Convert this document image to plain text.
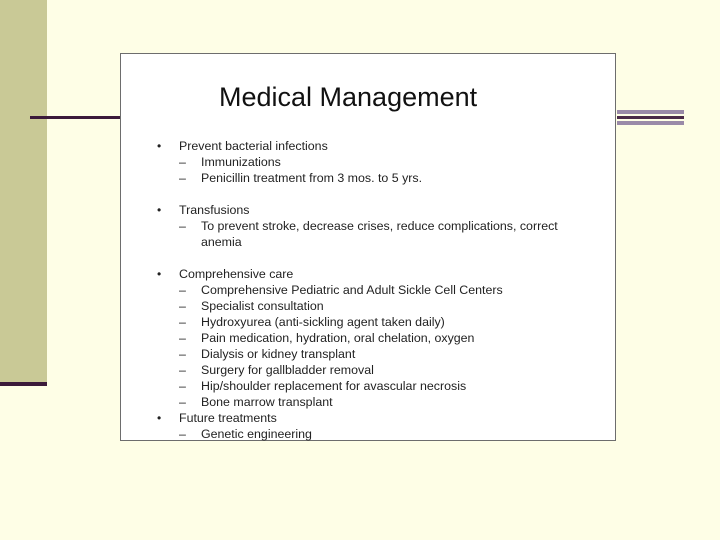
Medical Management
•	Prevent bacterial infections
– Immunizations
– Penicillin treatment from 3 mos. to 5 yrs.
•	Transfusions
– To prevent stroke, decrease crises, reduce complications, correct anemia
•	Comprehensive care
– Comprehensive Pediatric and Adult Sickle Cell Centers
– Specialist consultation
– Hydroxyurea (anti-sickling agent taken daily)
– Pain medication, hydration, oral chelation, oxygen
– Dialysis or kidney transplant
– Surgery for gallbladder removal
– Hip/shoulder replacement for avascular necrosis
– Bone marrow transplant
•	Future treatments
– Genetic engineering
